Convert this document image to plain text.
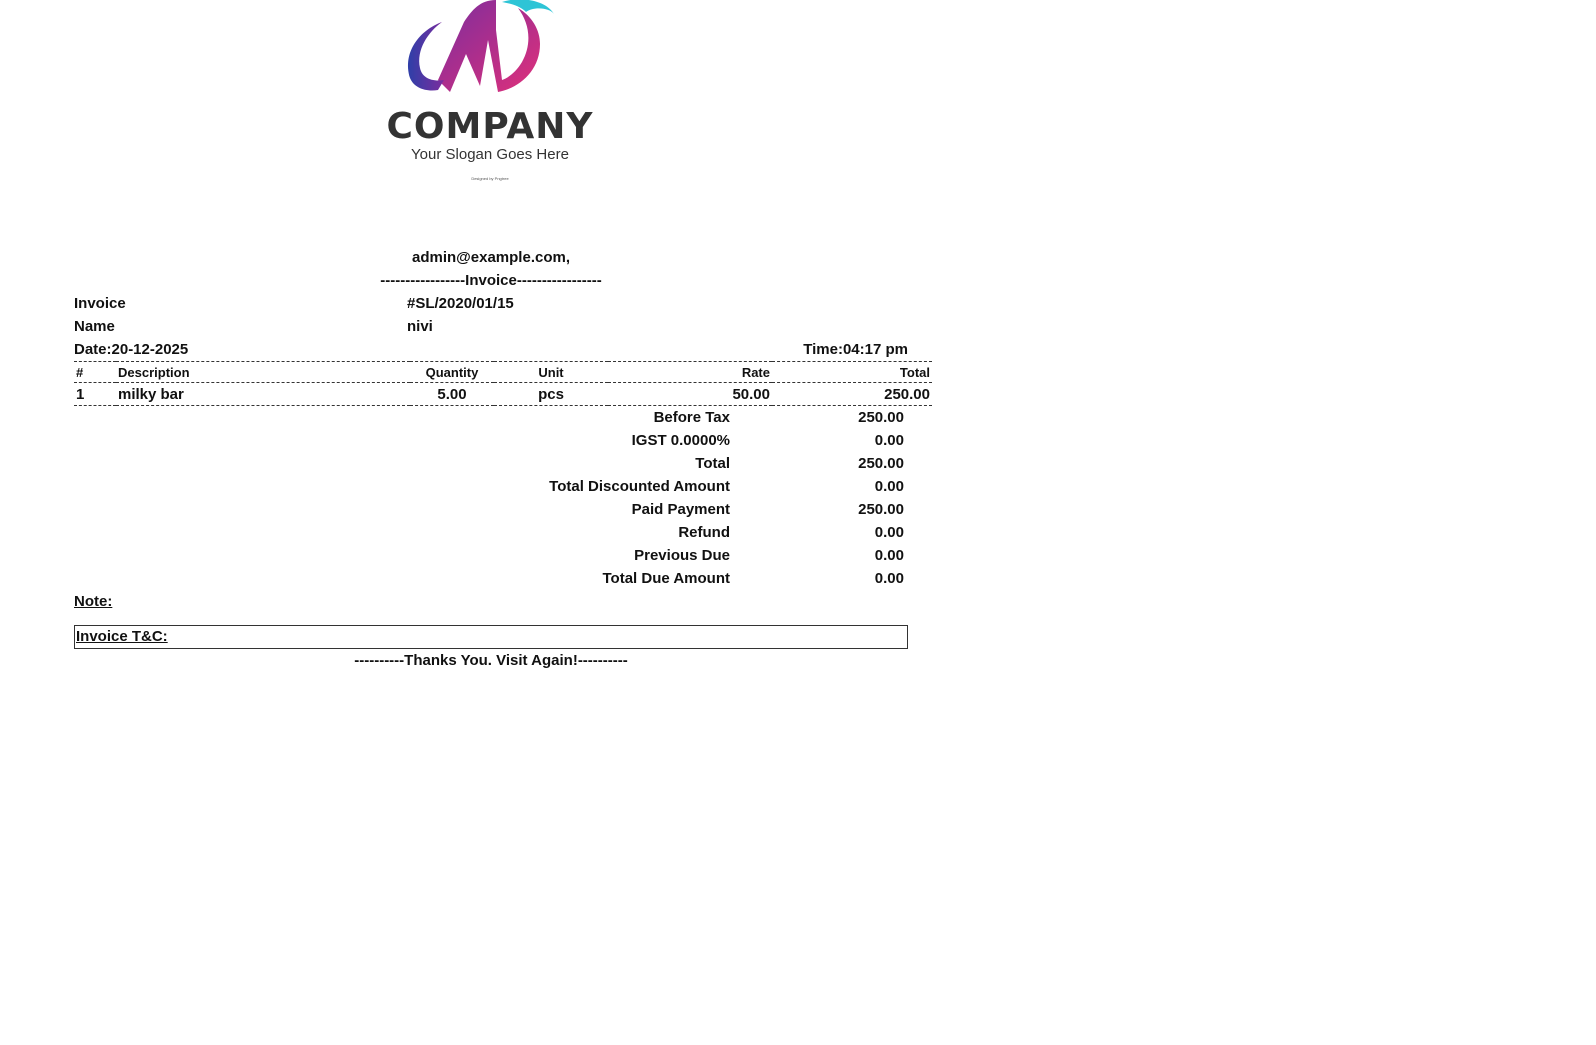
COMPANY
Your Slogan Goes Here
Designed by Pngtree
admin@example.com,
-----------------Invoice-----------------
Invoice	#SL/2020/01/15
Name	nivi
Date:20-12-2025	Time:04:17 pm
#	Description	Quantity	Unit	Rate	Total
1	milky bar	5.00	pcs	50.00	250.00
Before Tax	250.00
IGST 0.0000%	0.00
Total	250.00
Total Discounted Amount	0.00
Paid Payment	250.00
Refund	0.00
Previous Due	0.00
Total Due Amount	0.00
Note:
Invoice T&C:
----------Thanks You. Visit Again!----------
